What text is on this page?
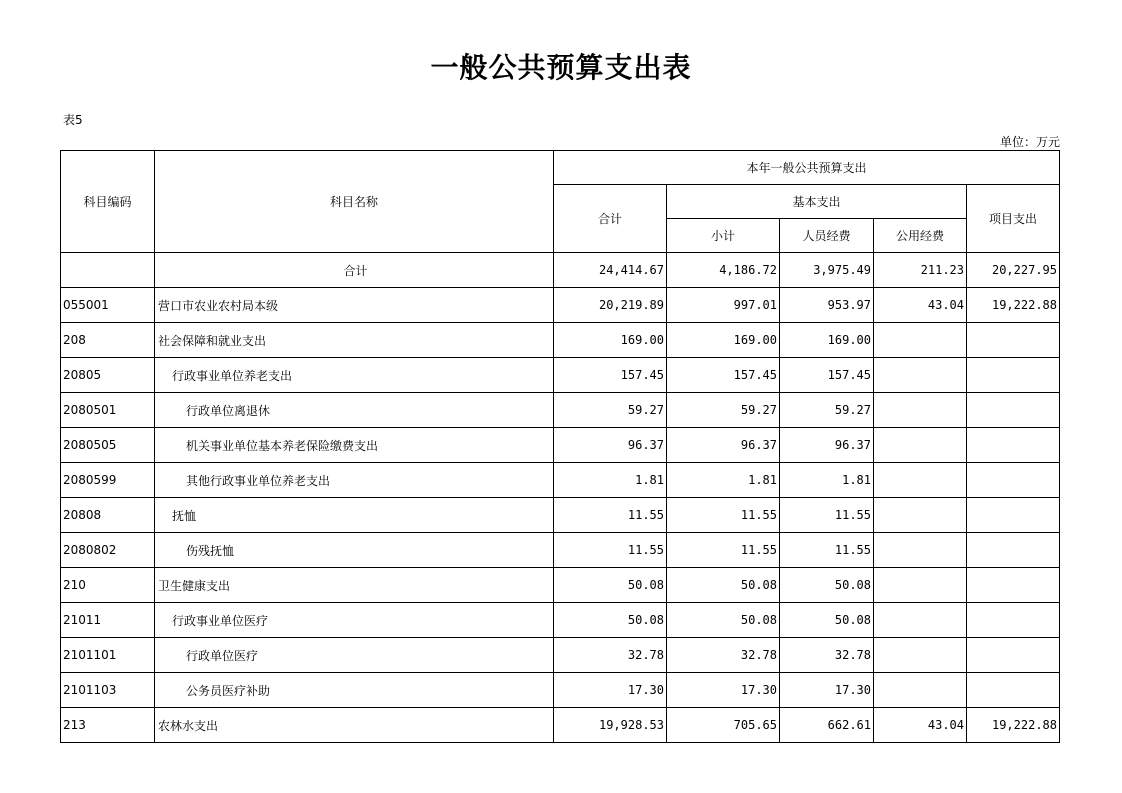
一般公共预算支出表
表5
单位：万元
科目编码	科目名称	本年一般公共预算支出				
		合计	基本支出			项目支出
			小计	人员经费	公用经费	
	合计	24,414.67	4,186.72	3,975.49	211.23	20,227.95
055001	营口市农业农村局本级	20,219.89	997.01	953.97	43.04	19,222.88
208	社会保障和就业支出	169.00	169.00	169.00		
20805	行政事业单位养老支出	157.45	157.45	157.45		
2080501	行政单位离退休	59.27	59.27	59.27		
2080505	机关事业单位基本养老保险缴费支出	96.37	96.37	96.37		
2080599	其他行政事业单位养老支出	1.81	1.81	1.81		
20808	抚恤	11.55	11.55	11.55		
2080802	伤残抚恤	11.55	11.55	11.55		
210	卫生健康支出	50.08	50.08	50.08		
21011	行政事业单位医疗	50.08	50.08	50.08		
2101101	行政单位医疗	32.78	32.78	32.78		
2101103	公务员医疗补助	17.30	17.30	17.30		
213	农林水支出	19,928.53	705.65	662.61	43.04	19,222.88
